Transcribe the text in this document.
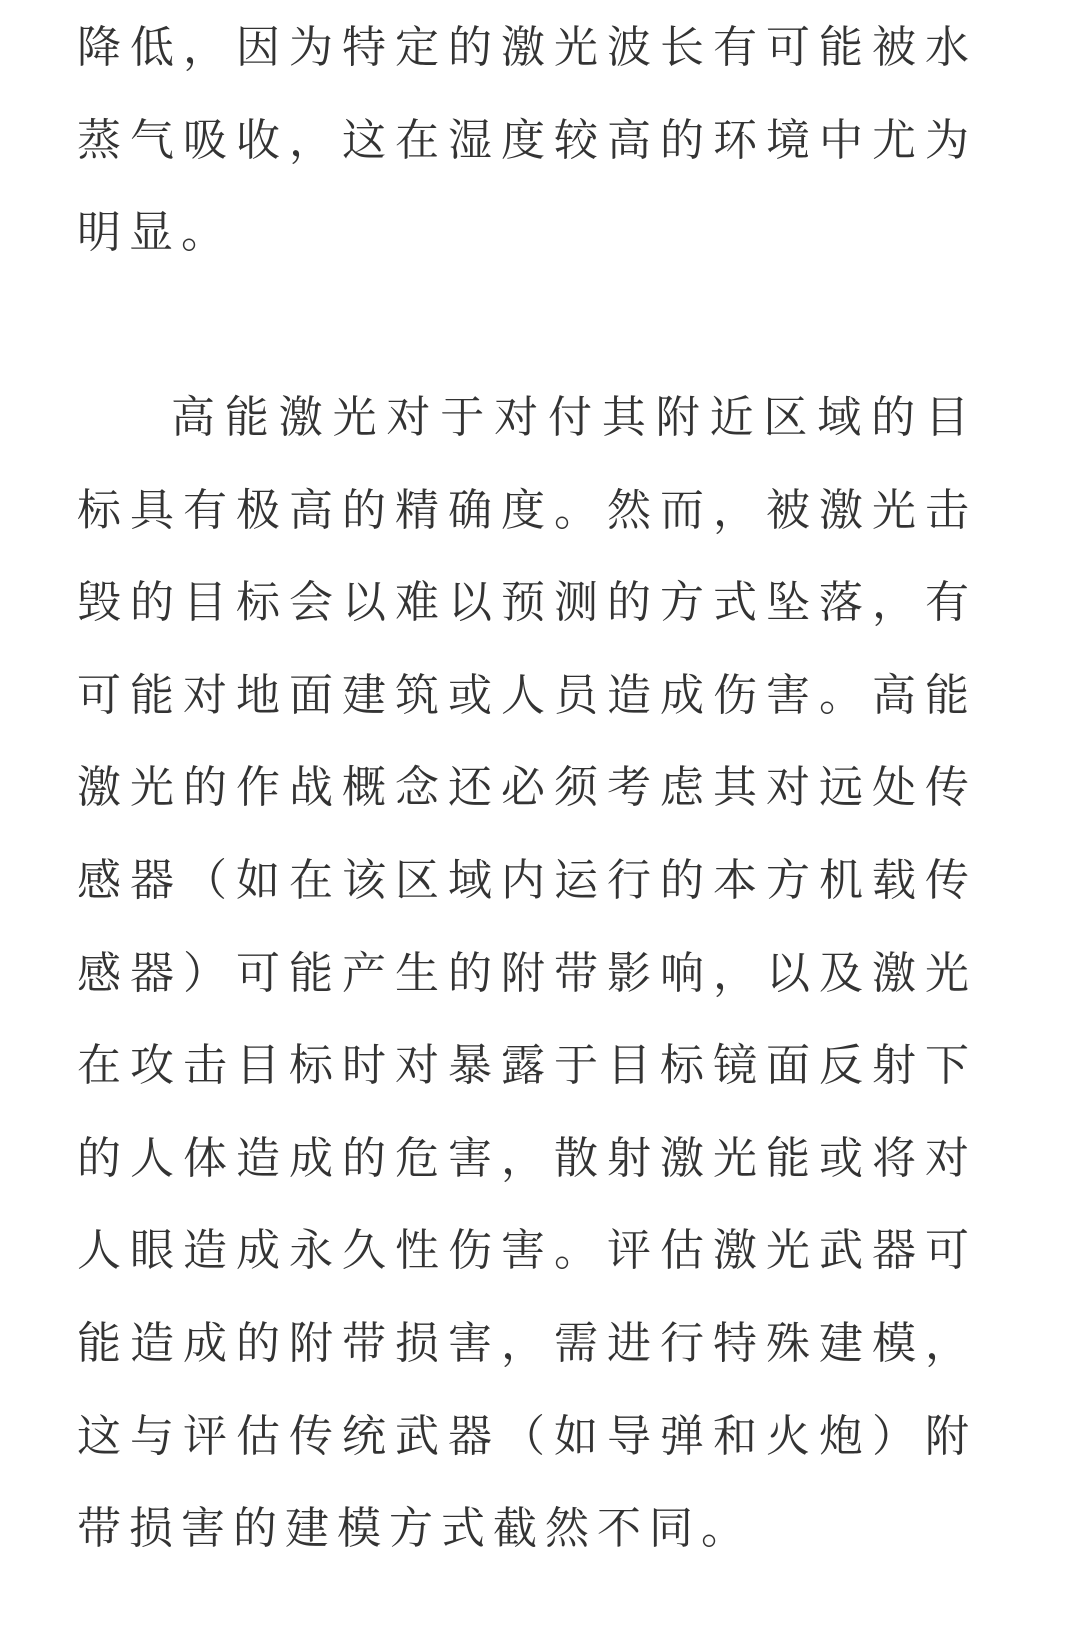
降低，因为特定的激光波长有可能被水蒸气吸收，这在湿度较高的环境中尤为明显。

高能激光对于对付其附近区域的目标具有极高的精确度。然而，被激光击毁的目标会以难以预测的方式坠落，有可能对地面建筑或人员造成伤害。高能激光的作战概念还必须考虑其对远处传感器（如在该区域内运行的本方机载传感器）可能产生的附带影响，以及激光在攻击目标时对暴露于目标镜面反射下的人体造成的危害，散射激光能或将对人眼造成永久性伤害。评估激光武器可能造成的附带损害，需进行特殊建模，这与评估传统武器（如导弹和火炮）附带损害的建模方式截然不同。
